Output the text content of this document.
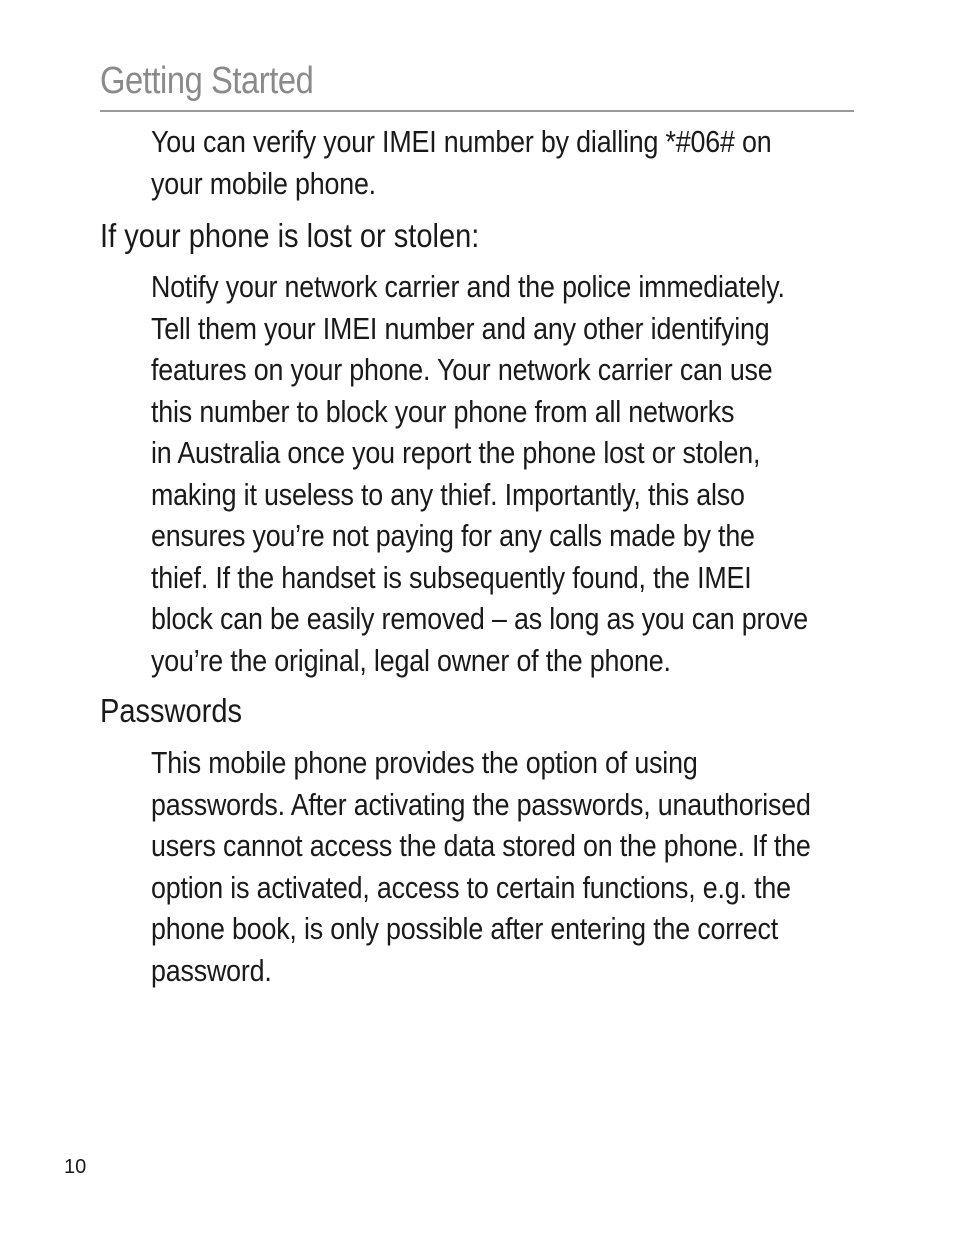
Getting Started
You can verify your IMEI number by dialling *#06# on
your mobile phone.
If your phone is lost or stolen:
Notify your network carrier and the police immediately.
Tell them your IMEI number and any other identifying
features on your phone. Your network carrier can use
this number to block your phone from all networks
in Australia once you report the phone lost or stolen,
making it useless to any thief. Importantly, this also
ensures you’re not paying for any calls made by the
thief. If the handset is subsequently found, the IMEI
block can be easily removed – as long as you can prove
you’re the original, legal owner of the phone.
Passwords
This mobile phone provides the option of using
passwords. After activating the passwords, unauthorised
users cannot access the data stored on the phone. If the
option is activated, access to certain functions, e.g. the
phone book, is only possible after entering the correct
password.
10
